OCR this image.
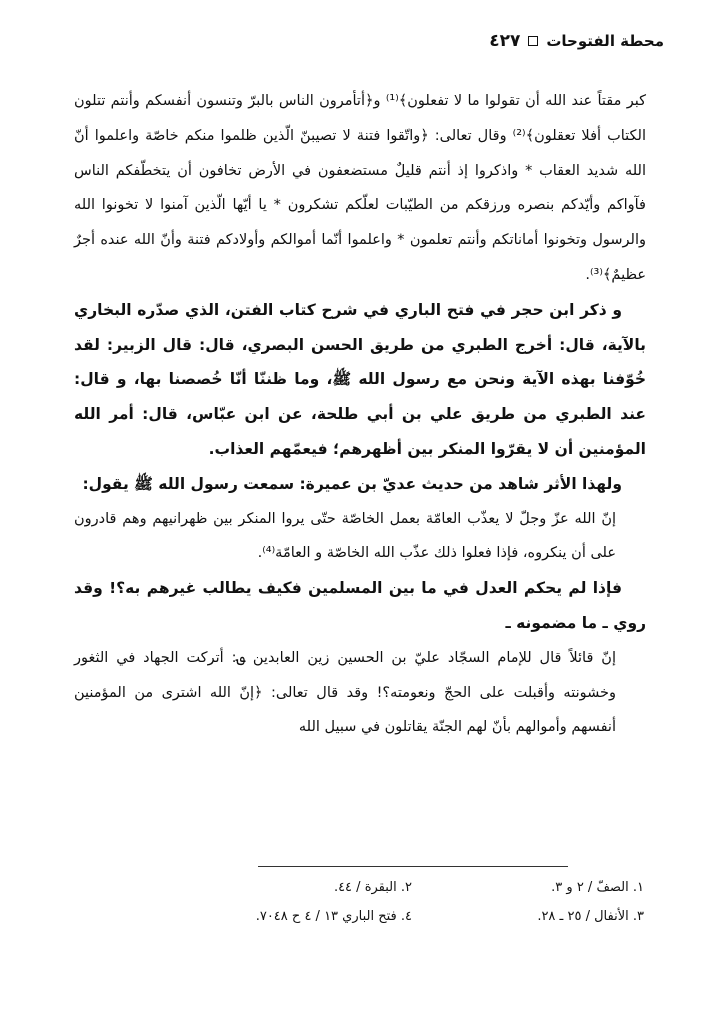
محطة الفتوحات
٤٢٧

كبر مقتاً عند الله أن تقولوا ما لا تفعلون﴾⁽¹⁾ و﴿أتأمرون الناس بالبرّ وتنسون أنفسكم وأنتم تتلون الكتاب أفلا تعقلون﴾⁽²⁾ وقال تعالى: ﴿واتّقوا فتنة لا تصيبنّ الّذين ظلموا منكم خاصّة واعلموا أنّ الله شديد العقاب * واذكروا إذ أنتم قليلٌ مستضعفون في الأرض تخافون أن يتخطّفكم الناس فآواكم وأيّدكم بنصره ورزقكم من الطيّبات لعلّكم تشكرون * يا أيّها الّذين آمنوا لا تخونوا الله والرسول وتخونوا أماناتكم وأنتم تعلمون * واعلموا أنّما أموالكم وأولادكم فتنة وأنّ الله عنده أجرٌ عظيمٌ﴾⁽³⁾.

و ذكر ابن حجر في فتح الباري في شرح كتاب الفتن، الذي صدّره البخاري بالآية، قال: أخرج الطبري من طريق الحسن البصري، قال: قال الزبير: لقد خُوّفنا بهذه الآية ونحن مع رسول الله ﷺ، وما ظننّا أنّا خُصصنا بها، و قال: عند الطبري من طريق علي بن أبي طلحة، عن ابن عبّاس، قال: أمر الله المؤمنين أن لا يقرّوا المنكر بين أظهرهم؛ فيعمّهم العذاب.

ولهذا الأثر شاهد من حديث عديّ بن عميرة: سمعت رسول الله ﷺ يقول:

إنّ الله عزّ وجلّ لا يعذّب العامّة بعمل الخاصّة حتّى يروا المنكر بين ظهرانيهم وهم قادرون على أن ينكروه، فإذا فعلوا ذلك عذّب الله الخاصّة و العامّة⁽⁴⁾.

فإذا لم يحكم العدل في ما بين المسلمين فكيف يطالب غيرهم به؟! وقد روي ـ ما مضمونه ـ

إنّ قائلاً قال للإمام السجّاد عليّ بن الحسين زين العابدين ؈: أتركت الجهاد في الثغور وخشونته وأقبلت على الحجّ ونعومته؟! وقد قال تعالى: ﴿إنّ الله اشترى من المؤمنين أنفسهم وأموالهم بأنّ لهم الجنّة يقاتلون في سبيل الله

١. الصفّ / ٢ و ٣.
٢. البقرة / ٤٤.
٣. الأنفال / ٢٥ ـ ٢٨.
٤. فتح الباري ١٣ / ٤ ح ٧٠٤٨.
